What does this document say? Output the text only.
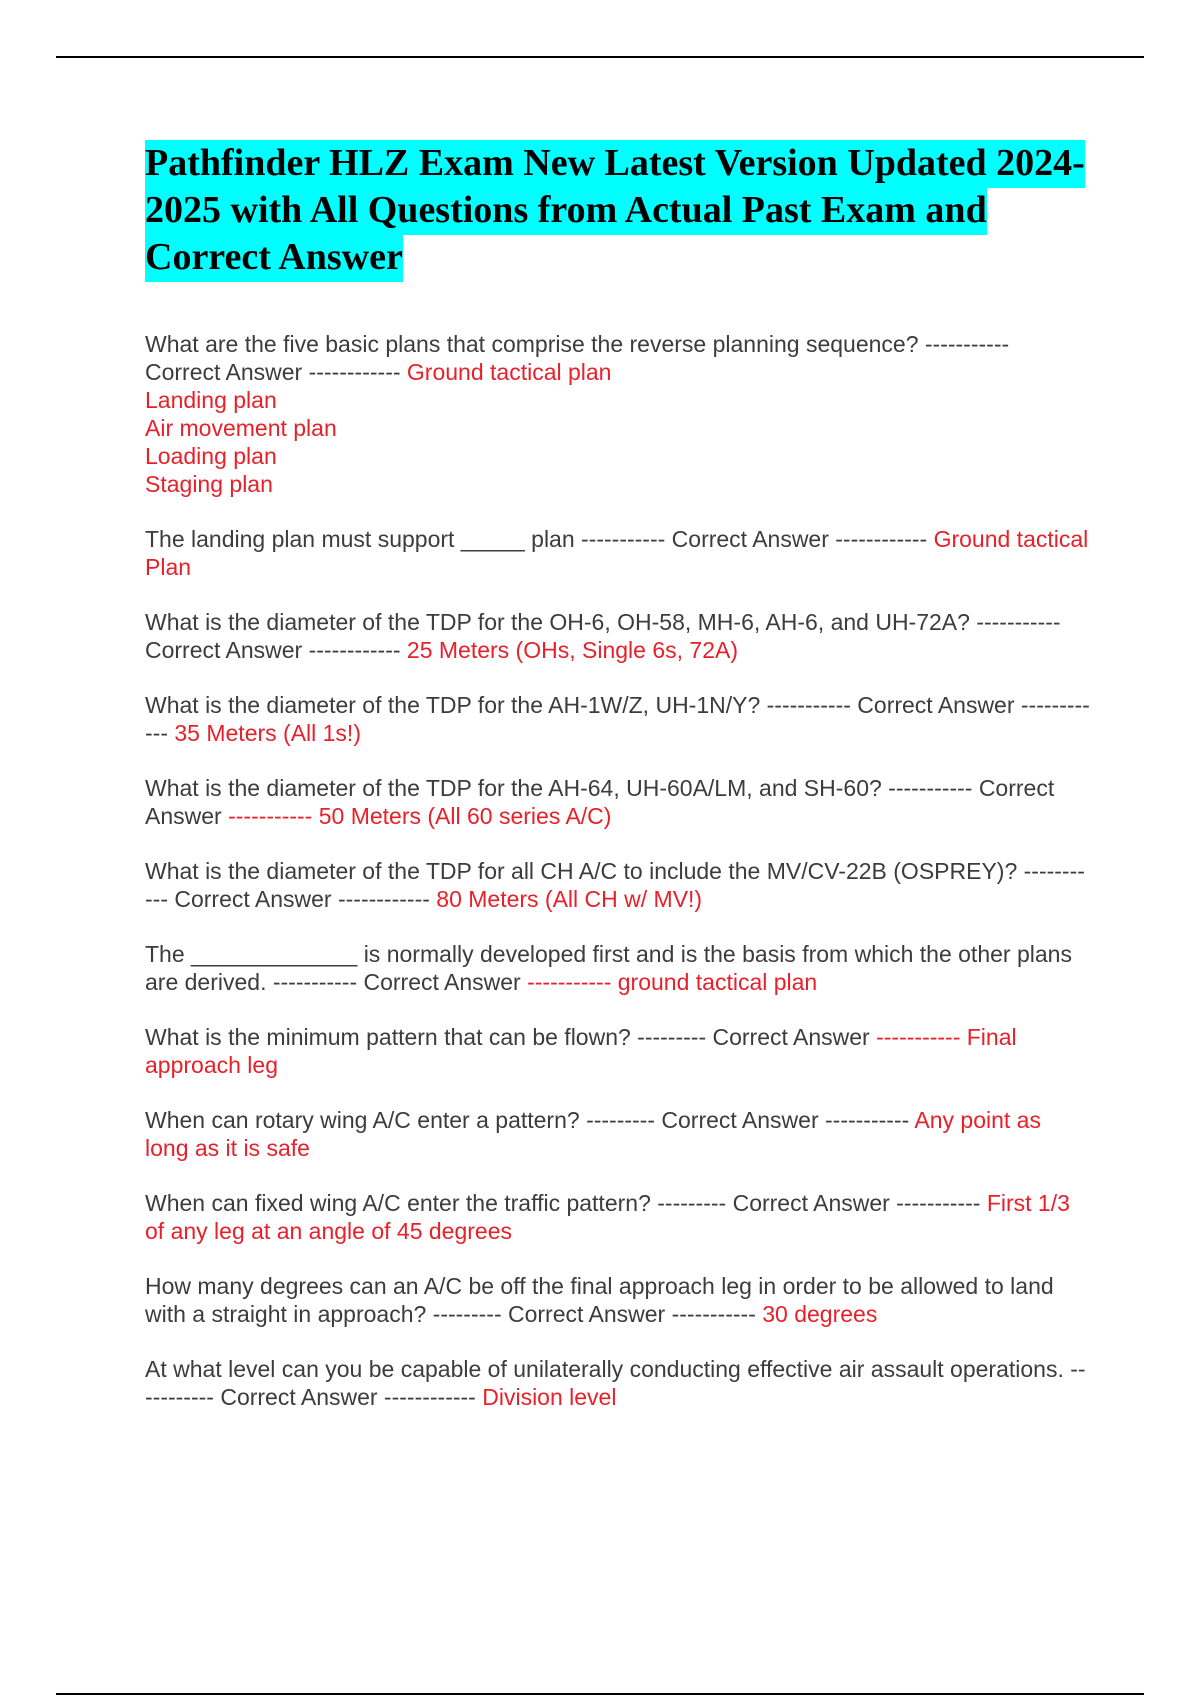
Pathfinder HLZ Exam New Latest Version Updated 2024-2025 with All Questions from Actual Past Exam and Correct Answer
What are the five basic plans that comprise the reverse planning sequence? ----------- Correct Answer ------------ Ground tactical plan
Landing plan
Air movement plan
Loading plan
Staging plan
The landing plan must support _____ plan ----------- Correct Answer ------------ Ground tactical Plan
What is the diameter of the TDP for the OH-6, OH-58, MH-6, AH-6, and UH-72A? ----------- Correct Answer ------------ 25 Meters (OHs, Single 6s, 72A)
What is the diameter of the TDP for the AH-1W/Z, UH-1N/Y? ----------- Correct Answer ------------ 35 Meters (All 1s!)
What is the diameter of the TDP for the AH-64, UH-60A/LM, and SH-60? ----------- Correct Answer ----------- 50 Meters (All 60 series A/C)
What is the diameter of the TDP for all CH A/C to include the MV/CV-22B (OSPREY)? ----------- Correct Answer ------------ 80 Meters (All CH w/ MV!)
The _____________ is normally developed first and is the basis from which the other plans are derived. ----------- Correct Answer ----------- ground tactical plan
What is the minimum pattern that can be flown? --------- Correct Answer ----------- Final approach leg
When can rotary wing A/C enter a pattern? --------- Correct Answer ----------- Any point as long as it is safe
When can fixed wing A/C enter the traffic pattern? --------- Correct Answer ----------- First 1/3 of any leg at an angle of 45 degrees
How many degrees can an A/C be off the final approach leg in order to be allowed to land with a straight in approach? --------- Correct Answer ----------- 30 degrees
At what level can you be capable of unilaterally conducting effective air assault operations. ----------- Correct Answer ------------ Division level
